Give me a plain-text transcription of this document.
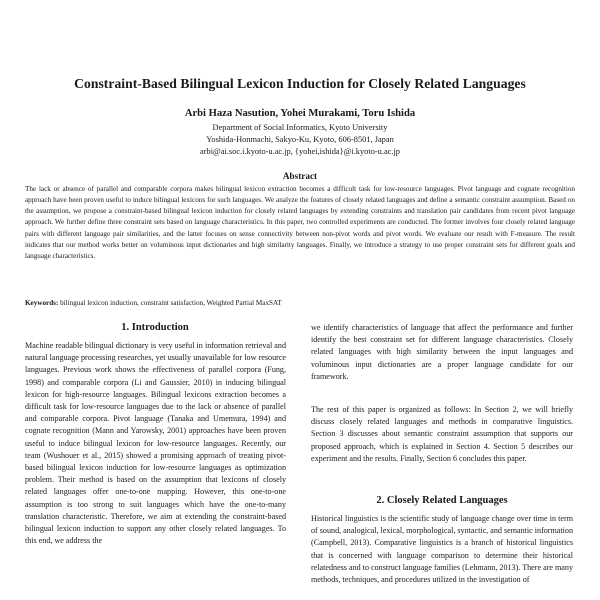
Constraint-Based Bilingual Lexicon Induction for Closely Related Languages
Arbi Haza Nasution, Yohei Murakami, Toru Ishida
Department of Social Informatics, Kyoto University
Yoshida-Honmachi, Sakyo-Ku, Kyoto, 606-8501, Japan
arbi@ai.soc.i.kyoto-u.ac.jp, {yohei,ishida}@i.kyoto-u.ac.jp
Abstract
The lack or absence of parallel and comparable corpora makes bilingual lexicon extraction becomes a difficult task for low-resource languages. Pivot language and cognate recognition approach have been proven useful to induce bilingual lexicons for such languages. We analyze the features of closely related languages and define a semantic constraint assumption. Based on the assumption, we propose a constraint-based bilingual lexicon induction for closely related languages by extending constraints and translation pair candidates from recent pivot language approach. We further define three constraint sets based on language characteristics. In this paper, two controlled experiments are conducted. The former involves four closely related language pairs with different language pair similarities, and the latter focuses on sense connectivity between non-pivot words and pivot words. We evaluate our result with F-measure. The result indicates that our method works better on voluminous input dictionaries and high similarity languages. Finally, we introduce a strategy to use proper constraint sets for different goals and language characteristics.
Keywords: bilingual lexicon induction, constraint satisfaction, Weighted Partial MaxSAT
1. Introduction
Machine readable bilingual dictionary is very useful in information retrieval and natural language processing researches, yet usually unavailable for low resource languages. Previous work shows the effectiveness of parallel corpora (Fung, 1998) and comparable corpora (Li and Gaussier, 2010) in inducing bilingual lexicon for high-resource languages. Bilingual lexicons extraction becomes a difficult task for low-resource languages due to the lack or absence of parallel and comparable corpora. Pivot language (Tanaka and Umemura, 1994) and cognate recognition (Mann and Yarowsky, 2001) approaches have been proven useful to induce bilingual lexicon for low-resource languages. Recently, our team (Wushouer et al., 2015) showed a promising approach of treating pivot-based bilingual lexicon induction for low-resource languages as optimization problem. Their method is based on the assumption that lexicons of closely related languages offer one-to-one mapping. However, this one-to-one assumption is too strong to suit languages which have the one-to-many translation characteristic. Therefore, we aim at extending the constraint-based bilingual lexicon induction to support any other closely related languages. To this end, we address the
we identify characteristics of language that affect the performance and further identify the best constraint set for different language characteristics. Closely related languages with high similarity between the input languages and voluminous input dictionaries are a proper language candidate for our framework.
The rest of this paper is organized as follows: In Section 2, we will briefly discuss closely related languages and methods in comparative linguistics. Section 3 discusses about semantic constraint assumption that supports our proposed approach, which is explained in Section 4. Section 5 describes our experiment and the results. Finally, Section 6 concludes this paper.
2. Closely Related Languages
Historical linguistics is the scientific study of language change over time in term of sound, analogical, lexical, morphological, syntactic, and semantic information (Campbell, 2013). Comparative linguistics is a branch of historical linguistics that is concerned with language comparison to determine their historical relatedness and to construct language families (Lehmann, 2013). There are many methods, techniques, and procedures utilized in the investigation of
